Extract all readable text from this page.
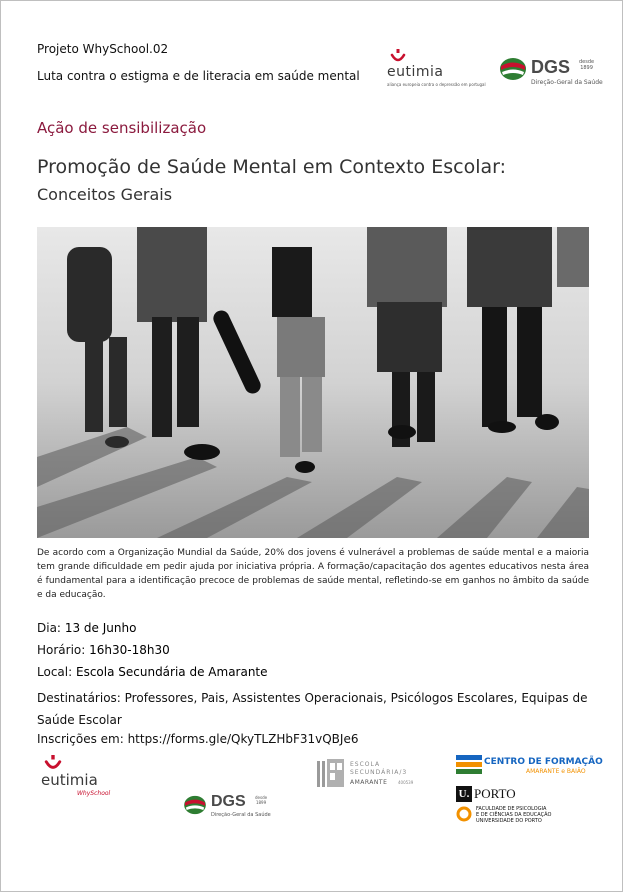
Projeto WhySchool.02
Luta contra o estigma e de literacia em saúde mental eutimia
aliança europeia contra o depressão em portugal
DGS desde
1899
Direção-Geral da Saúde
Ação de sensibilização
Promoção de Saúde Mental em Contexto Escolar:
Conceitos Gerais

De acordo com a Organização Mundial da Saúde, 20% dos jovens é vulnerável a problemas de saúde mental e a maioria tem grande dificuldade em pedir ajuda por iniciativa própria. A formação/capacitação dos agentes educativos nesta área é fundamental para a identificação precoce de problemas de saúde mental, refletindo-se em ganhos no âmbito da saúde e da educação.

Dia: 13 de Junho
Horário: 16h30-18h30
Local: Escola Secundária de Amarante
Destinatários: Professores, Pais, Assistentes Operacionais, Psicólogos Escolares, Equipas de Saúde Escolar
Inscrições em: https://forms.gle/QkyTLZHbF31vQBJe6
eutimia
WhySchool	DGS desde
1899
Direção-Geral da Saúde
ESCOLA
SECUNDÁRIA/3
AMARANTE	400539
CENTRO DE FORMAÇÃO
AMARANTE e BAIÃO
U. PORTO
FACULDADE DE PSICOLOGIA
E DE CIÊNCIAS DA EDUCAÇÃO
UNIVERSIDADE DO PORTO
